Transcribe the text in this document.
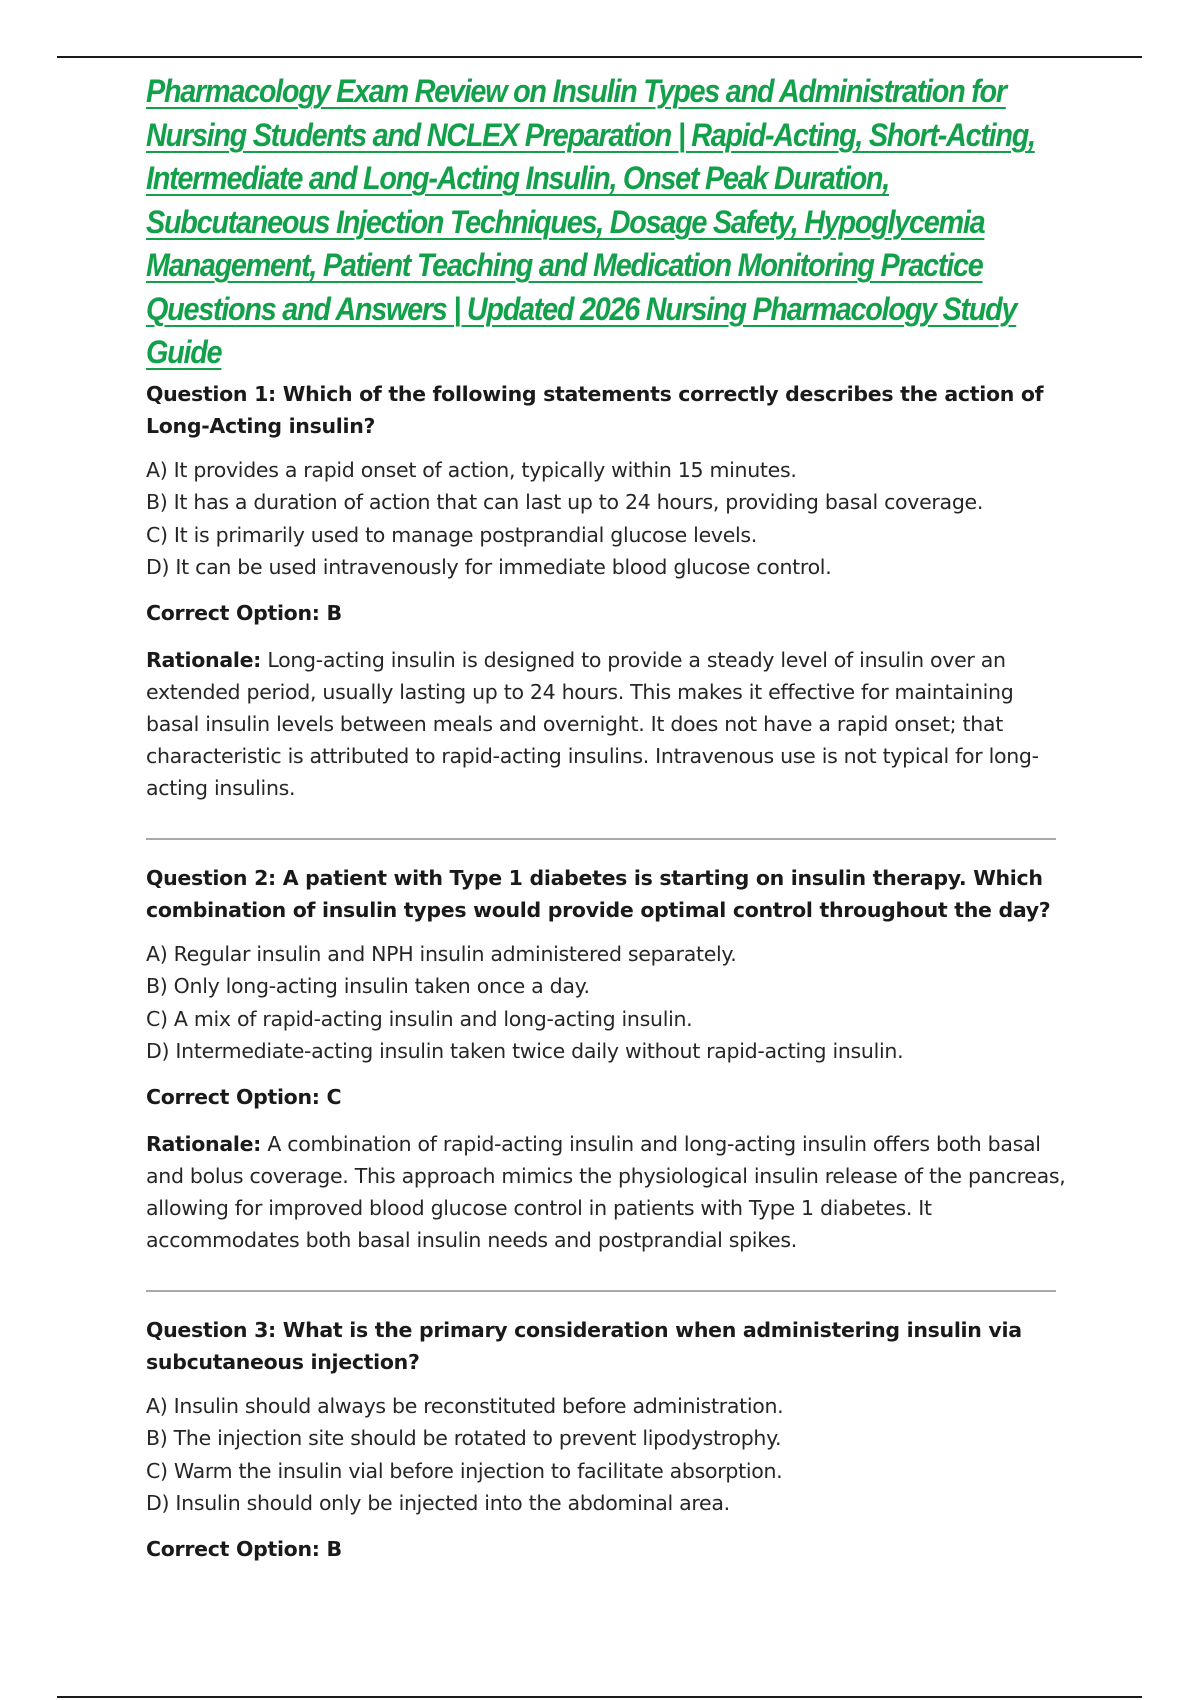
Pharmacology Exam Review on Insulin Types and Administration for Nursing Students and NCLEX Preparation | Rapid-Acting, Short-Acting, Intermediate and Long-Acting Insulin, Onset Peak Duration, Subcutaneous Injection Techniques, Dosage Safety, Hypoglycemia Management, Patient Teaching and Medication Monitoring Practice Questions and Answers | Updated 2026 Nursing Pharmacology Study Guide

Question 1: Which of the following statements correctly describes the action of Long-Acting insulin?

A) It provides a rapid onset of action, typically within 15 minutes.
B) It has a duration of action that can last up to 24 hours, providing basal coverage.
C) It is primarily used to manage postprandial glucose levels.
D) It can be used intravenously for immediate blood glucose control.
Correct Option: B
Rationale: Long-acting insulin is designed to provide a steady level of insulin over an extended period, usually lasting up to 24 hours. This makes it effective for maintaining basal insulin levels between meals and overnight. It does not have a rapid onset; that characteristic is attributed to rapid-acting insulins. Intravenous use is not typical for long-acting insulins.

Question 2: A patient with Type 1 diabetes is starting on insulin therapy. Which combination of insulin types would provide optimal control throughout the day?

A) Regular insulin and NPH insulin administered separately.
B) Only long-acting insulin taken once a day.
C) A mix of rapid-acting insulin and long-acting insulin.
D) Intermediate-acting insulin taken twice daily without rapid-acting insulin.
Correct Option: C
Rationale: A combination of rapid-acting insulin and long-acting insulin offers both basal and bolus coverage. This approach mimics the physiological insulin release of the pancreas, allowing for improved blood glucose control in patients with Type 1 diabetes. It accommodates both basal insulin needs and postprandial spikes.

Question 3: What is the primary consideration when administering insulin via subcutaneous injection?

A) Insulin should always be reconstituted before administration.
B) The injection site should be rotated to prevent lipodystrophy.
C) Warm the insulin vial before injection to facilitate absorption.
D) Insulin should only be injected into the abdominal area.
Correct Option: B
